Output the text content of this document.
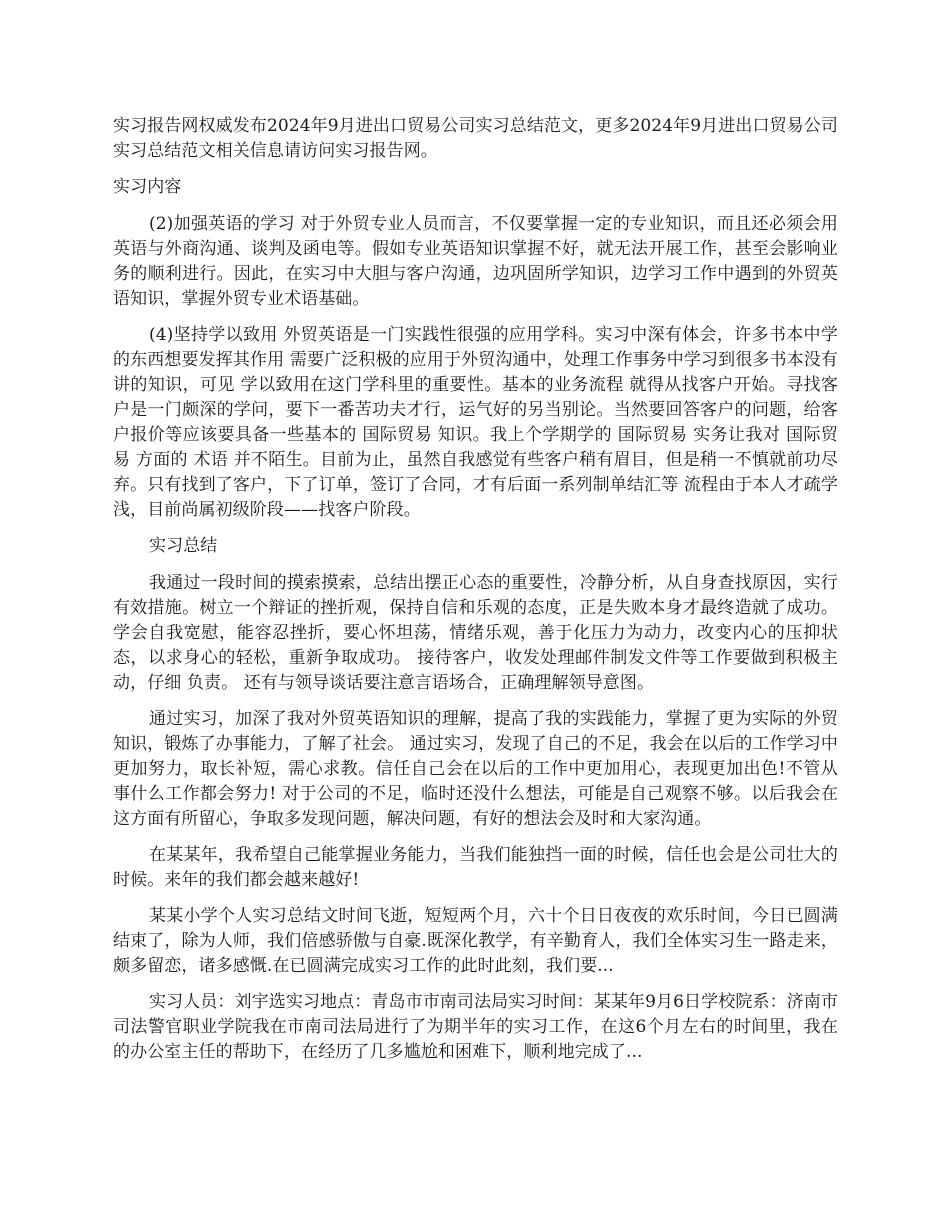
实习报告网权威发布2024年9月进出口贸易公司实习总结范文，更多2024年9月进出口贸易公司实习总结范文相关信息请访问实习报告网。

实习内容

(2)加强英语的学习 对于外贸专业人员而言，不仅要掌握一定的专业知识，而且还必须会用英语与外商沟通、谈判及函电等。假如专业英语知识掌握不好，就无法开展工作，甚至会影响业务的顺利进行。因此，在实习中大胆与客户沟通，边巩固所学知识，边学习工作中遇到的外贸英语知识，掌握外贸专业术语基础。

(4)坚持学以致用 外贸英语是一门实践性很强的应用学科。实习中深有体会，许多书本中学的东西想要发挥其作用 需要广泛积极的应用于外贸沟通中，处理工作事务中学习到很多书本没有讲的知识，可见 学以致用在这门学科里的重要性。基本的业务流程 就得从找客户开始。寻找客户是一门颇深的学问，要下一番苦功夫才行，运气好的另当别论。当然要回答客户的问题，给客户报价等应该要具备一些基本的 国际贸易 知识。我上个学期学的 国际贸易 实务让我对 国际贸易 方面的 术语 并不陌生。目前为止，虽然自我感觉有些客户稍有眉目，但是稍一不慎就前功尽弃。只有找到了客户，下了订单，签订了合同，才有后面一系列制单结汇等 流程由于本人才疏学浅，目前尚属初级阶段——找客户阶段。

实习总结

我通过一段时间的摸索摸索，总结出摆正心态的重要性，冷静分析，从自身查找原因，实行有效措施。树立一个辩证的挫折观，保持自信和乐观的态度，正是失败本身才最终造就了成功。学会自我宽慰，能容忍挫折，要心怀坦荡，情绪乐观，善于化压力为动力，改变内心的压抑状态，以求身心的轻松，重新争取成功。 接待客户，收发处理邮件制发文件等工作要做到积极主动，仔细 负责。 还有与领导谈话要注意言语场合，正确理解领导意图。

通过实习，加深了我对外贸英语知识的理解，提高了我的实践能力，掌握了更为实际的外贸知识，锻炼了办事能力，了解了社会。 通过实习，发现了自己的不足，我会在以后的工作学习中更加努力，取长补短，需心求教。信任自己会在以后的工作中更加用心，表现更加出色!不管从事什么工作都会努力! 对于公司的不足，临时还没什么想法，可能是自己观察不够。以后我会在这方面有所留心，争取多发现问题，解决问题，有好的想法会及时和大家沟通。

在某某年，我希望自己能掌握业务能力，当我们能独挡一面的时候，信任也会是公司壮大的时候。来年的我们都会越来越好!

某某小学个人实习总结文时间飞逝，短短两个月，六十个日日夜夜的欢乐时间，今日已圆满结束了，除为人师，我们倍感骄傲与自豪.既深化教学，有辛勤育人，我们全体实习生一路走来，颇多留恋，诸多感慨.在已圆满完成实习工作的此时此刻，我们要...

实习人员：刘宇选实习地点：青岛市市南司法局实习时间：某某年9月6日学校院系：济南市司法警官职业学院我在市南司法局进行了为期半年的实习工作，在这6个月左右的时间里，我在的办公室主任的帮助下，在经历了几多尴尬和困难下，顺利地完成了...
